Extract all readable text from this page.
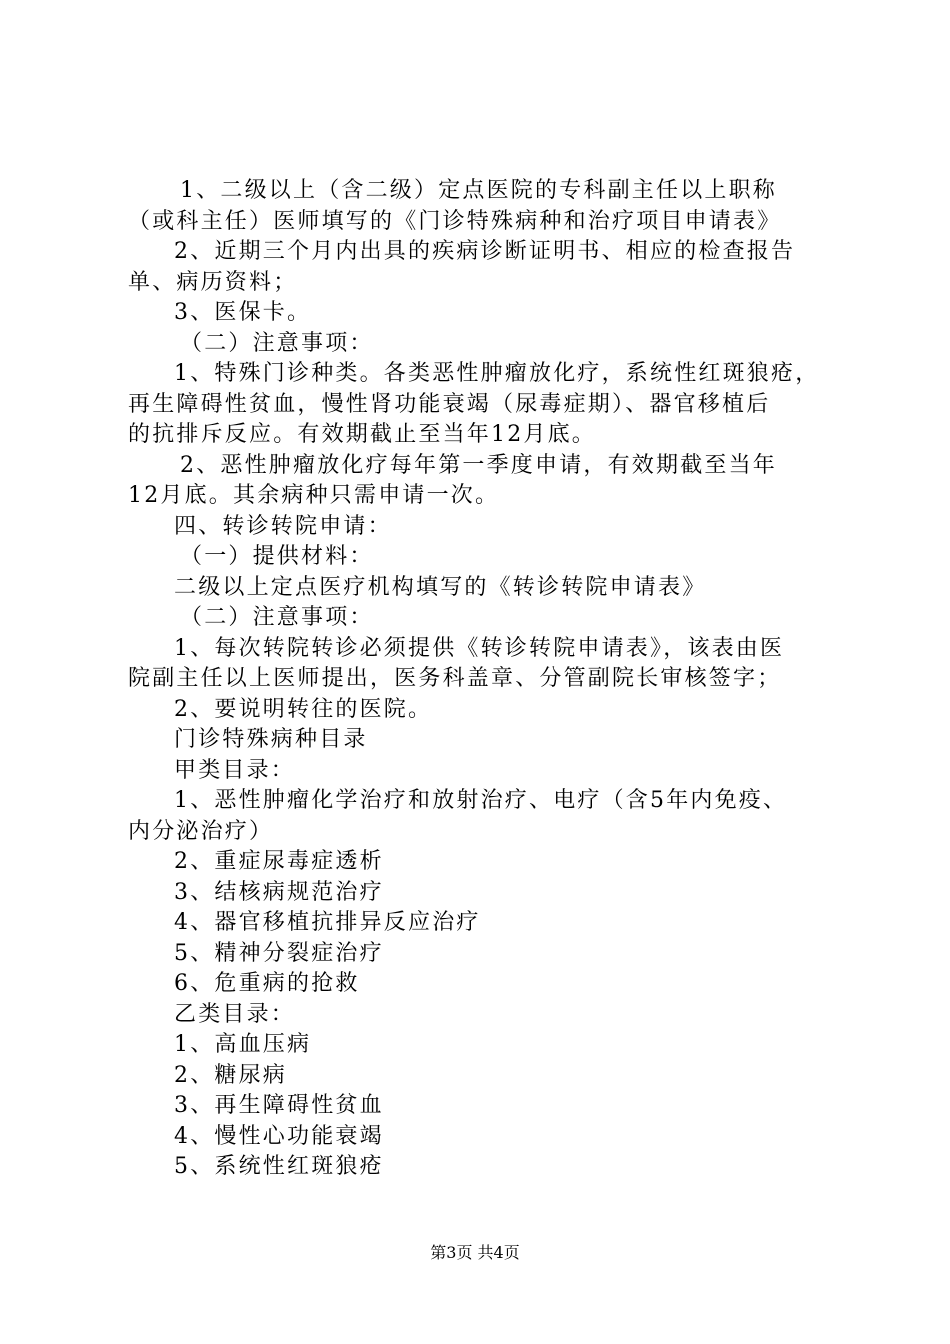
1、二级以上（含二级）定点医院的专科副主任以上职称
（或科主任）医师填写的《门诊特殊病种和治疗项目申请表》
2、近期三个月内出具的疾病诊断证明书、相应的检查报告
单、病历资料；
3、医保卡。
（二）注意事项：
1、特殊门诊种类。各类恶性肿瘤放化疗，系统性红斑狼疮，
再生障碍性贫血，慢性肾功能衰竭（尿毒症期）、器官移植后
的抗排斥反应。有效期截止至当年12月底。
2、恶性肿瘤放化疗每年第一季度申请，有效期截至当年
12月底。其余病种只需申请一次。
四、转诊转院申请：
（一）提供材料：
二级以上定点医疗机构填写的《转诊转院申请表》
（二）注意事项：
1、每次转院转诊必须提供《转诊转院申请表》，该表由医
院副主任以上医师提出，医务科盖章、分管副院长审核签字；
2、要说明转往的医院。
门诊特殊病种目录
甲类目录：
1、恶性肿瘤化学治疗和放射治疗、电疗（含5年内免疫、
内分泌治疗）
2、重症尿毒症透析
3、结核病规范治疗
4、器官移植抗排异反应治疗
5、精神分裂症治疗
6、危重病的抢救
乙类目录：
1、高血压病
2、糖尿病
3、再生障碍性贫血
4、慢性心功能衰竭
5、系统性红斑狼疮
第3页 共4页
